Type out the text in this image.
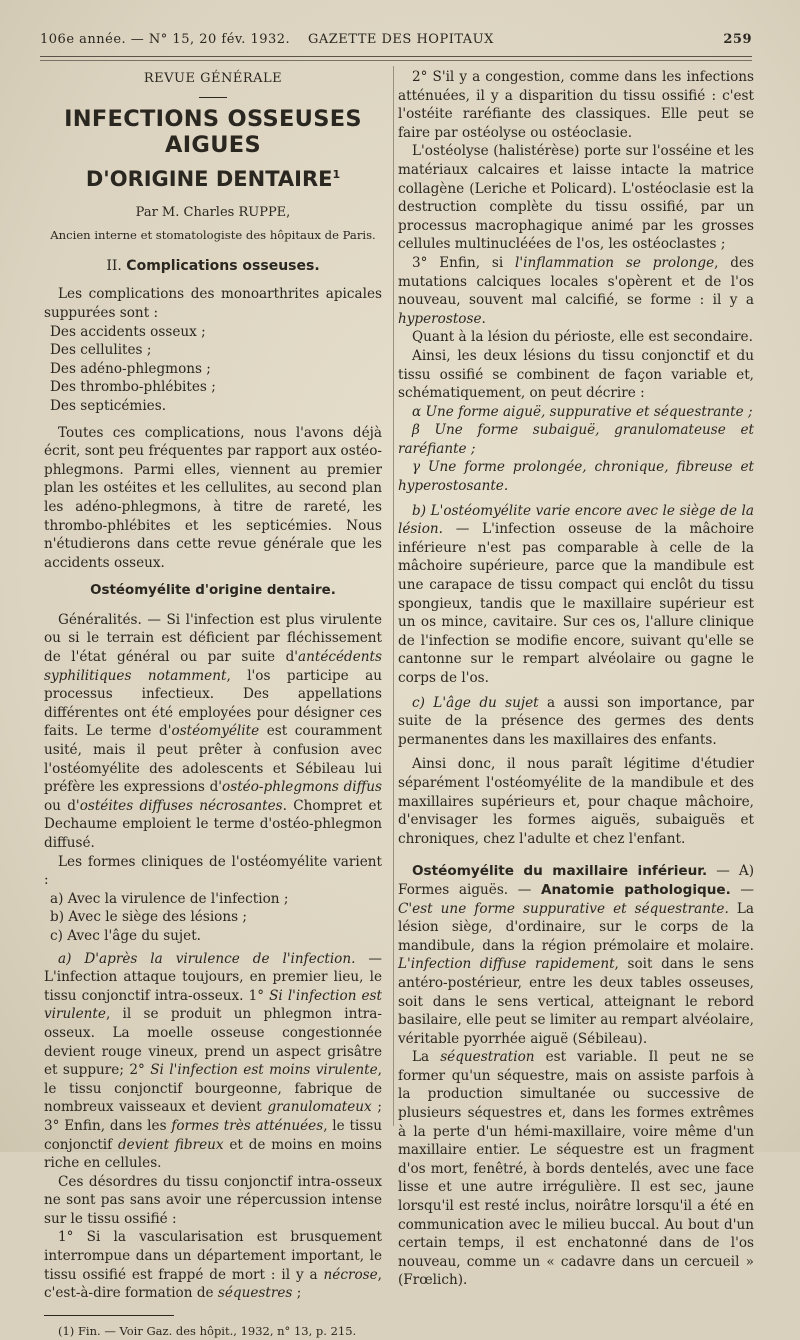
106e année. — N° 15, 20 fév. 1932. GAZETTE DES HOPITAUX	259
REVUE GÉNÉRALE
INFECTIONS OSSEUSES AIGUES
D'ORIGINE DENTAIRE$^1$
Par M. Charles RUPPE,
Ancien interne et stomatologiste des hôpitaux de Paris.
II. Complications osseuses.

Les complications des monoarthrites apicales suppurées sont :

Des accidents osseux ;

Des cellulites ;

Des adéno-phlegmons ;

Des thrombo-phlébites ;

Des septicémies.

Toutes ces complications, nous l'avons déjà écrit, sont peu fréquentes par rapport aux ostéo-phlegmons. Parmi elles, viennent au premier plan les ostéites et les cellulites, au second plan les adéno-phlegmons, à titre de rareté, les thrombo-phlébites et les septicémies. Nous n'étudierons dans cette revue générale que les accidents osseux.

Ostéomyélite d'origine dentaire.

Généralités. — Si l'infection est plus virulente ou si le terrain est déficient par fléchissement de l'état général ou par suite d'antécédents syphilitiques notamment, l'os participe au processus infectieux. Des appellations différentes ont été employées pour désigner ces faits. Le terme d'ostéomyélite est couramment usité, mais il peut prêter à confusion avec l'ostéomyélite des adolescents et Sébileau lui préfère les expressions d'ostéo-phlegmons diffus ou d'ostéites diffuses nécrosantes. Chompret et Dechaume emploient le terme d'ostéo-phlegmon diffusé.

Les formes cliniques de l'ostéomyélite varient :

a) Avec la virulence de l'infection ;

b) Avec le siège des lésions ;

c) Avec l'âge du sujet.

a) D'après la virulence de l'infection. — L'infection attaque toujours, en premier lieu, le tissu conjonctif intra-osseux. 1° Si l'infection est virulente, il se produit un phlegmon intra-osseux. La moelle osseuse congestionnée devient rouge vineux, prend un aspect grisâtre et suppure; 2° Si l'infection est moins virulente, le tissu conjonctif bourgeonne, fabrique de nombreux vaisseaux et devient granulomateux ; 3° Enfin, dans les formes très atténuées, le tissu conjonctif devient fibreux et de moins en moins riche en cellules.

Ces désordres du tissu conjonctif intra-osseux ne sont pas sans avoir une répercussion intense sur le tissu ossifié :

1° Si la vascularisation est brusquement interrompue dans un département important, le tissu ossifié est frappé de mort : il y a nécrose, c'est-à-dire formation de séquestres ;

(1) Fin. — Voir Gaz. des hôpit., 1932, n° 13, p. 215.

2° S'il y a congestion, comme dans les infections atténuées, il y a disparition du tissu ossifié : c'est l'ostéite raréfiante des classiques. Elle peut se faire par ostéolyse ou ostéoclasie.

L'ostéolyse (halistérèse) porte sur l'osséine et les matériaux calcaires et laisse intacte la matrice collagène (Leriche et Policard). L'ostéoclasie est la destruction complète du tissu ossifié, par un processus macrophagique animé par les grosses cellules multinucléées de l'os, les ostéoclastes ;

3° Enfin, si l'inflammation se prolonge, des mutations calciques locales s'opèrent et de l'os nouveau, souvent mal calcifié, se forme : il y a hyperostose.

Quant à la lésion du périoste, elle est secondaire.

Ainsi, les deux lésions du tissu conjonctif et du tissu ossifié se combinent de façon variable et, schématiquement, on peut décrire :

α Une forme aiguë, suppurative et séquestrante ;

β Une forme subaiguë, granulomateuse et raréfiante ;

γ Une forme prolongée, chronique, fibreuse et hyperostosante.

b) L'ostéomyélite varie encore avec le siège de la lésion. — L'infection osseuse de la mâchoire inférieure n'est pas comparable à celle de la mâchoire supérieure, parce que la mandibule est une carapace de tissu compact qui enclôt du tissu spongieux, tandis que le maxillaire supérieur est un os mince, cavitaire. Sur ces os, l'allure clinique de l'infection se modifie encore, suivant qu'elle se cantonne sur le rempart alvéolaire ou gagne le corps de l'os.

c) L'âge du sujet a aussi son importance, par suite de la présence des germes des dents permanentes dans les maxillaires des enfants.

Ainsi donc, il nous paraît légitime d'étudier séparément l'ostéomyélite de la mandibule et des maxillaires supérieurs et, pour chaque mâchoire, d'envisager les formes aiguës, subaiguës et chroniques, chez l'adulte et chez l'enfant.

Ostéomyélite du maxillaire inférieur. — A) Formes aiguës. — Anatomie pathologique. — C'est une forme suppurative et séquestrante. La lésion siège, d'ordinaire, sur le corps de la mandibule, dans la région prémolaire et molaire. L'infection diffuse rapidement, soit dans le sens antéro-postérieur, entre les deux tables osseuses, soit dans le sens vertical, atteignant le rebord basilaire, elle peut se limiter au rempart alvéolaire, véritable pyorrhée aiguë (Sébileau).

La séquestration est variable. Il peut ne se former qu'un séquestre, mais on assiste parfois à la production simultanée ou successive de plusieurs séquestres et, dans les formes extrêmes à la perte d'un hémi-maxillaire, voire même d'un maxillaire entier. Le séquestre est un fragment d'os mort, fenêtré, à bords dentelés, avec une face lisse et une autre irrégulière. Il est sec, jaune lorsqu'il est resté inclus, noirâtre lorsqu'il a été en communication avec le milieu buccal. Au bout d'un certain temps, il est enchatonné dans de l'os nouveau, comme un « cadavre dans un cercueil » (Frœlich).
